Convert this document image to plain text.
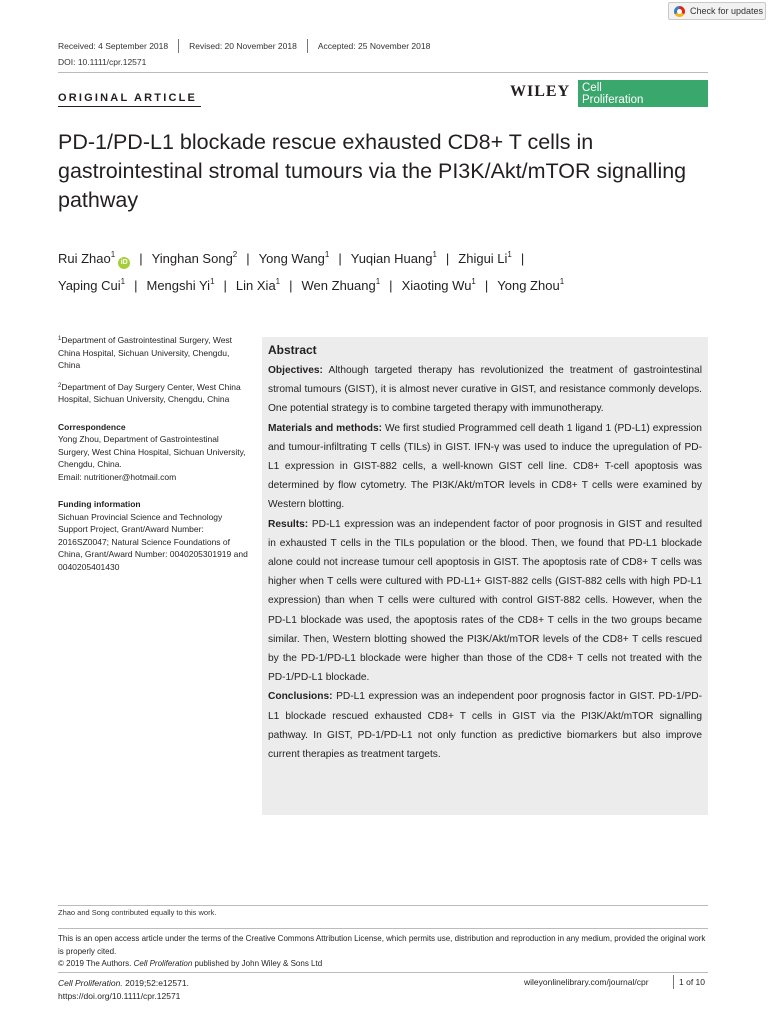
Check for updates
Received: 4 September 2018 Revised: 20 November 2018 Accepted: 25 November 2018
DOI: 10.1111/cpr.12571
ORIGINAL ARTICLE	WILEY Cell
Proliferation
PD-1/PD-L1 blockade rescue exhausted CD8+ T cells in gastrointestinal stromal tumours via the PI3K/Akt/mTOR signalling pathway
Rui Zhao$^1$iD | Yinghan Song$^2$ | Yong Wang$^1$ | Yuqian Huang$^1$ | Zhigui Li$^1$ |
Yaping Cui$^1$ | Mengshi Yi$^1$ | Lin Xia$^1$ | Wen Zhuang$^1$ | Xiaoting Wu$^1$ | Yong Zhou$^1$

$^1$Department of Gastrointestinal Surgery, West China Hospital, Sichuan University, Chengdu, China

$^2$Department of Day Surgery Center, West China Hospital, Sichuan University, Chengdu, China

Correspondence
Yong Zhou, Department of Gastrointestinal Surgery, West China Hospital, Sichuan University, Chengdu, China.
Email: nutritioner@hotmail.com

Funding information
Sichuan Provincial Science and Technology Support Project, Grant/Award Number: 2016SZ0047; Natural Science Foundations of China, Grant/Award Number: 0040205301919 and 0040205401430

Abstract

Objectives: Although targeted therapy has revolutionized the treatment of gastrointestinal stromal tumours (GIST), it is almost never curative in GIST, and resistance commonly develops. One potential strategy is to combine targeted therapy with immunotherapy.

Materials and methods: We first studied Programmed cell death 1 ligand 1 (PD-L1) expression and tumour-infiltrating T cells (TILs) in GIST. IFN-γ was used to induce the upregulation of PD-L1 expression in GIST-882 cells, a well-known GIST cell line. CD8+ T-cell apoptosis was determined by flow cytometry. The PI3K/Akt/mTOR levels in CD8+ T cells were examined by Western blotting.

Results: PD-L1 expression was an independent factor of poor prognosis in GIST and resulted in exhausted T cells in the TILs population or the blood. Then, we found that PD-L1 blockade alone could not increase tumour cell apoptosis in GIST. The apoptosis rate of CD8+ T cells was higher when T cells were cultured with PD-L1+ GIST-882 cells (GIST-882 cells with high PD-L1 expression) than when T cells were cultured with control GIST-882 cells. However, when the PD-L1 blockade was used, the apoptosis rates of the CD8+ T cells in the two groups became similar. Then, Western blotting showed the PI3K/Akt/mTOR levels of the CD8+ T cells rescued by the PD-1/PD-L1 blockade were higher than those of the CD8+ T cells not treated with the PD-1/PD-L1 blockade.

Conclusions: PD-L1 expression was an independent poor prognosis factor in GIST. PD-1/PD-L1 blockade rescued exhausted CD8+ T cells in GIST via the PI3K/Akt/mTOR signalling pathway. In GIST, PD-1/PD-L1 not only function as predictive biomarkers but also improve current therapies as treatment targets.

Zhao and Song contributed equally to this work.
This is an open access article under the terms of the Creative Commons Attribution License, which permits use, distribution and reproduction in any medium, provided the original work is properly cited.
© 2019 The Authors. Cell Proliferation published by John Wiley & Sons Ltd
Cell Proliferation. 2019;52:e12571.
https://doi.org/10.1111/cpr.12571
wileyonlinelibrary.com/journal/cpr	1 of 10
